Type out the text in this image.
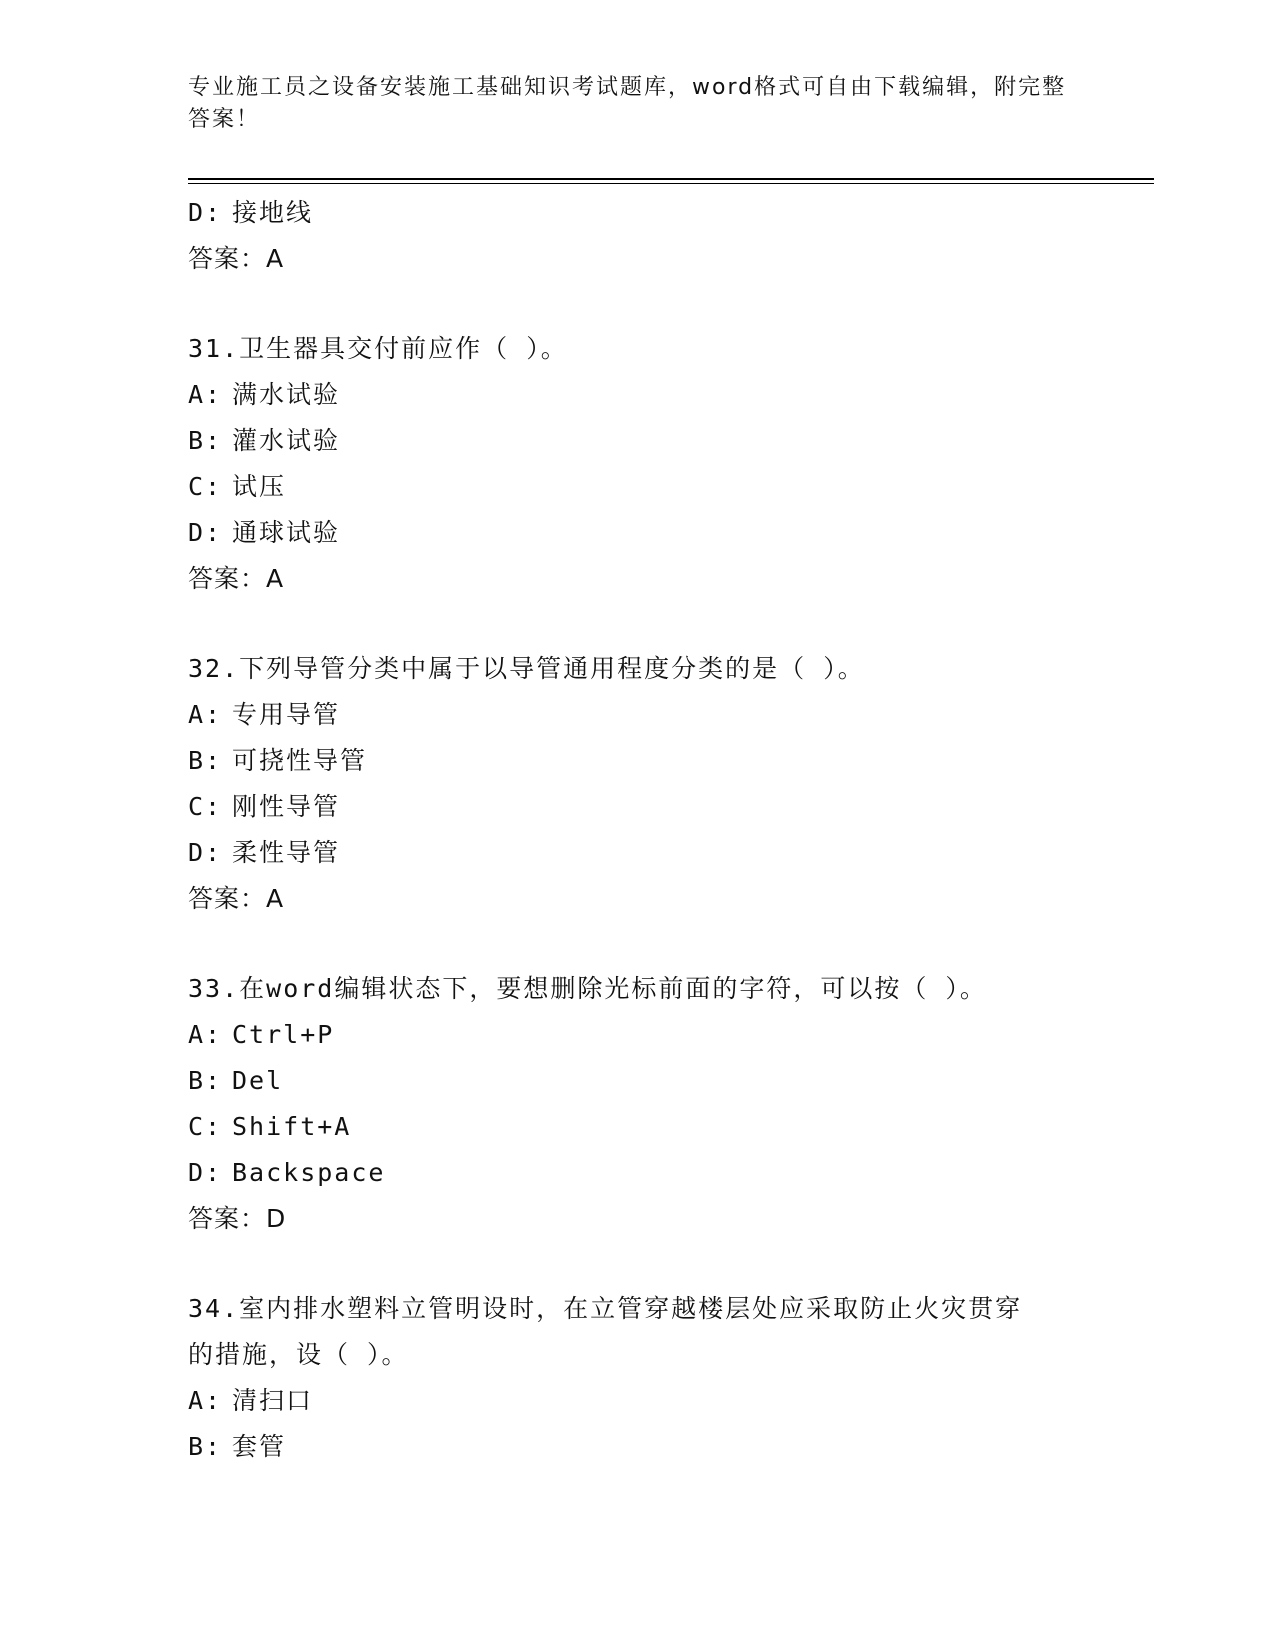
专业施工员之设备安装施工基础知识考试题库，word格式可自由下载编辑，附完整答案！
D: 接地线
答案：A
31.卫生器具交付前应作（ ）。
A: 满水试验
B: 灌水试验
C: 试压
D: 通球试验
答案：A
32.下列导管分类中属于以导管通用程度分类的是（ ）。
A: 专用导管
B: 可挠性导管
C: 刚性导管
D: 柔性导管
答案：A
33.在word编辑状态下，要想删除光标前面的字符，可以按（ ）。
A: Ctrl+P
B: Del
C: Shift+A
D: Backspace
答案：D
34.室内排水塑料立管明设时，在立管穿越楼层处应采取防止火灾贯穿
的措施，设（ ）。
A: 清扫口
B: 套管
